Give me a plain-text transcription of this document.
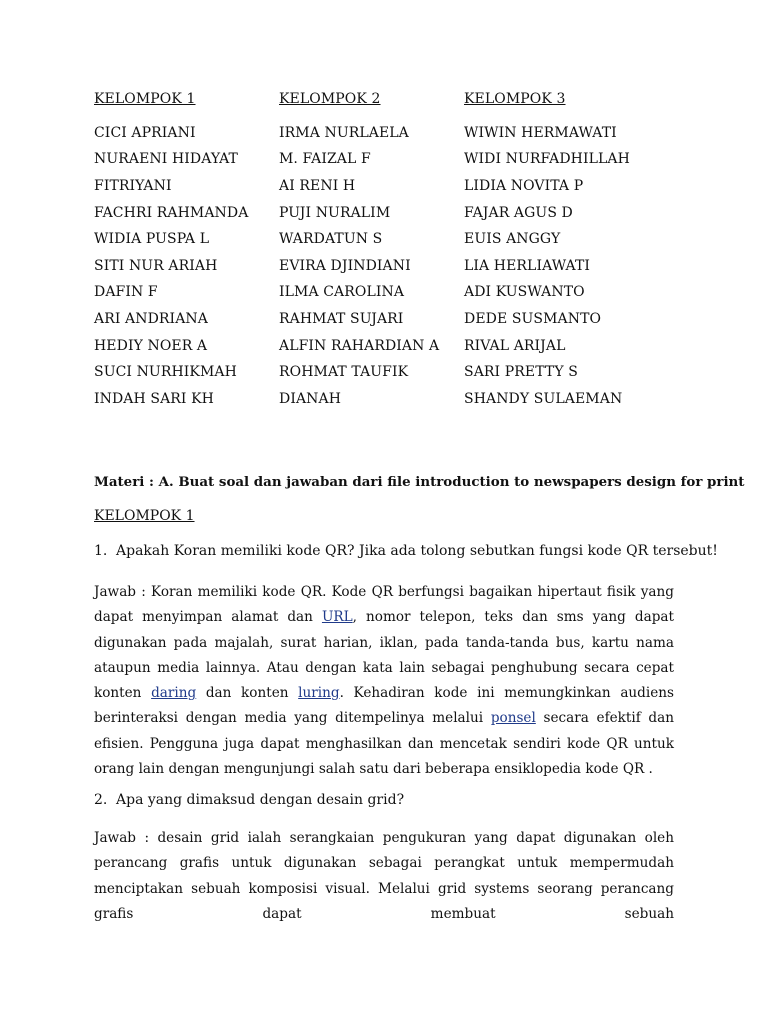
KELOMPOK 1	KELOMPOK 2	KELOMPOK 3
CICI APRIANI	IRMA NURLAELA	WIWIN HERMAWATI
NURAENI HIDAYAT	M. FAIZAL F	WIDI NURFADHILLAH
FITRIYANI	AI RENI H	LIDIA NOVITA P
FACHRI RAHMANDA	PUJI NURALIM	FAJAR AGUS D
WIDIA PUSPA L	WARDATUN S	EUIS ANGGY
SITI NUR ARIAH	EVIRA DJINDIANI	LIA HERLIAWATI
DAFIN F	ILMA CAROLINA	ADI KUSWANTO
ARI ANDRIANA	RAHMAT SUJARI	DEDE SUSMANTO
HEDIY NOER A	ALFIN RAHARDIAN A	RIVAL ARIJAL
SUCI NURHIKMAH	ROHMAT TAUFIK	SARI PRETTY S
INDAH SARI KH	DIANAH	SHANDY SULAEMAN
Materi : A. Buat soal dan jawaban dari file introduction to newspapers design for print
KELOMPOK 1
1. Apakah Koran memiliki kode QR? Jika ada tolong sebutkan fungsi kode QR tersebut!
Jawab : Koran memiliki kode QR. Kode QR berfungsi bagaikan hipertaut fisik yang dapat menyimpan alamat dan URL, nomor telepon, teks dan sms yang dapat digunakan pada majalah, surat harian, iklan, pada tanda-tanda bus, kartu nama ataupun media lainnya. Atau dengan kata lain sebagai penghubung secara cepat konten daring dan konten luring. Kehadiran kode ini memungkinkan audiens berinteraksi dengan media yang ditempelinya melalui ponsel secara efektif dan efisien. Pengguna juga dapat menghasilkan dan mencetak sendiri kode QR untuk orang lain dengan mengunjungi salah satu dari beberapa ensiklopedia kode QR .
2. Apa yang dimaksud dengan desain grid?
Jawab : desain grid ialah serangkaian pengukuran yang dapat digunakan oleh perancang grafis untuk digunakan sebagai perangkat untuk mempermudah menciptakan sebuah komposisi visual. Melalui grid systems seorang perancang grafis dapat membuat sebuah
